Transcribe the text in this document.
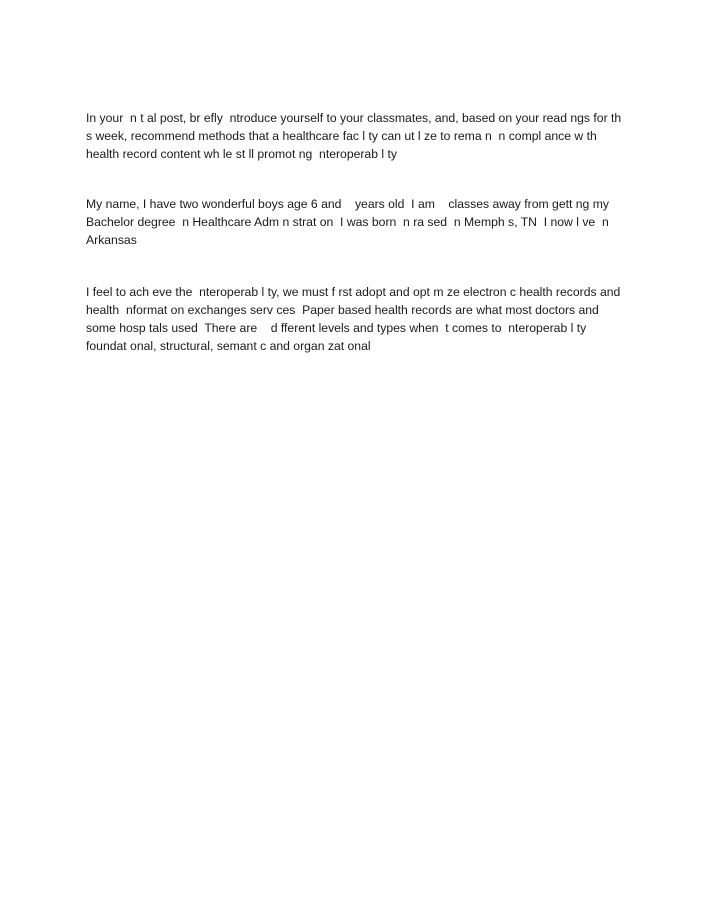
In your  n t al post, br efly  ntroduce yourself to your classmates, and, based on your read ngs for th s week, recommend methods that a healthcare fac l ty can ut l ze to rema n  n compl ance w th health record content wh le st ll promot ng  nteroperab l ty

My name, I have two wonderful boys age 6 and    years old  I am    classes away from gett ng my Bachelor degree  n Healthcare Adm n strat on  I was born  n ra sed  n Memph s, TN  I now l ve  n Arkansas

I feel to ach eve the  nteroperab l ty, we must f rst adopt and opt m ze electron c health records and health  nformat on exchanges serv ces  Paper based health records are what most doctors and some hosp tals used  There are    d fferent levels and types when  t comes to  nteroperab l ty foundat onal, structural, semant c and organ zat onal
